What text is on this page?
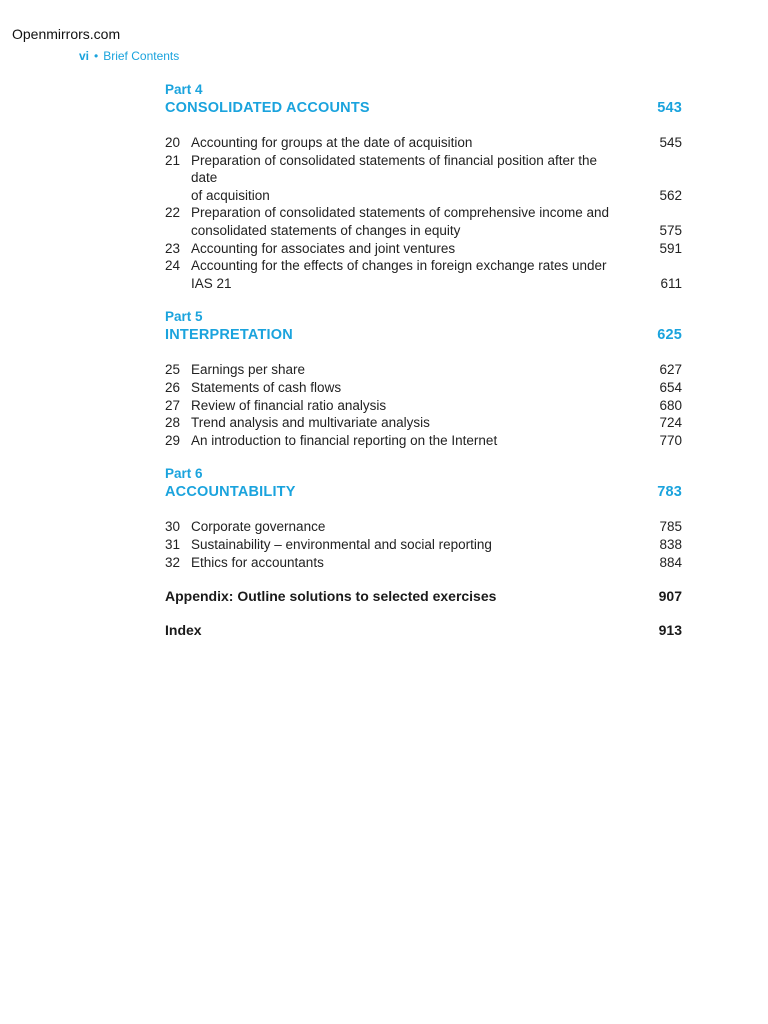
Openmirrors.com
vi • Brief Contents
Part 4
CONSOLIDATED ACCOUNTS	543
20 Accounting for groups at the date of acquisition	545
21 Preparation of consolidated statements of financial position after the date
of acquisition	562
22 Preparation of consolidated statements of comprehensive income and
consolidated statements of changes in equity	575
23 Accounting for associates and joint ventures	591
24 Accounting for the effects of changes in foreign exchange rates under IAS 21	611
Part 5
INTERPRETATION	625
25 Earnings per share	627
26 Statements of cash flows	654
27 Review of financial ratio analysis	680
28 Trend analysis and multivariate analysis	724
29 An introduction to financial reporting on the Internet	770
Part 6
ACCOUNTABILITY	783
30 Corporate governance	785
31 Sustainability – environmental and social reporting	838
32 Ethics for accountants	884
Appendix: Outline solutions to selected exercises	907
Index	913
